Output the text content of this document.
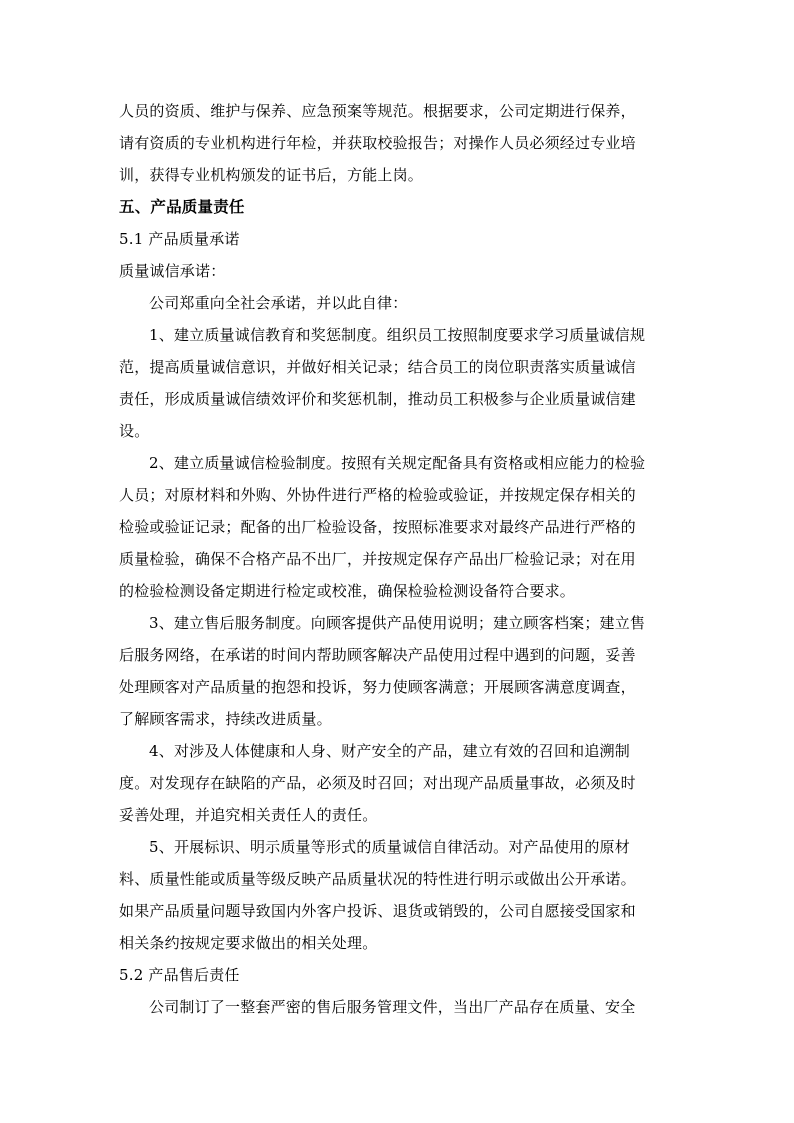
人员的资质、维护与保养、应急预案等规范。根据要求，公司定期进行保养，
请有资质的专业机构进行年检，并获取校验报告；对操作人员必须经过专业培
训，获得专业机构颁发的证书后，方能上岗。
五、产品质量责任
5.1 产品质量承诺
质量诚信承诺：
公司郑重向全社会承诺，并以此自律：
1、建立质量诚信教育和奖惩制度。组织员工按照制度要求学习质量诚信规
范，提高质量诚信意识，并做好相关记录；结合员工的岗位职责落实质量诚信
责任，形成质量诚信绩效评价和奖惩机制，推动员工积极参与企业质量诚信建
设。
2、建立质量诚信检验制度。按照有关规定配备具有资格或相应能力的检验
人员；对原材料和外购、外协件进行严格的检验或验证，并按规定保存相关的
检验或验证记录；配备的出厂检验设备，按照标准要求对最终产品进行严格的
质量检验，确保不合格产品不出厂，并按规定保存产品出厂检验记录；对在用
的检验检测设备定期进行检定或校准，确保检验检测设备符合要求。
3、建立售后服务制度。向顾客提供产品使用说明；建立顾客档案；建立售
后服务网络，在承诺的时间内帮助顾客解决产品使用过程中遇到的问题，妥善
处理顾客对产品质量的抱怨和投诉，努力使顾客满意；开展顾客满意度调查，
了解顾客需求，持续改进质量。
4、对涉及人体健康和人身、财产安全的产品，建立有效的召回和追溯制
度。对发现存在缺陷的产品，必须及时召回；对出现产品质量事故，必须及时
妥善处理，并追究相关责任人的责任。
5、开展标识、明示质量等形式的质量诚信自律活动。对产品使用的原材
料、质量性能或质量等级反映产品质量状况的特性进行明示或做出公开承诺。
如果产品质量问题导致国内外客户投诉、退货或销毁的，公司自愿接受国家和
相关条约按规定要求做出的相关处理。
5.2 产品售后责任
公司制订了一整套严密的售后服务管理文件，当出厂产品存在质量、安全
